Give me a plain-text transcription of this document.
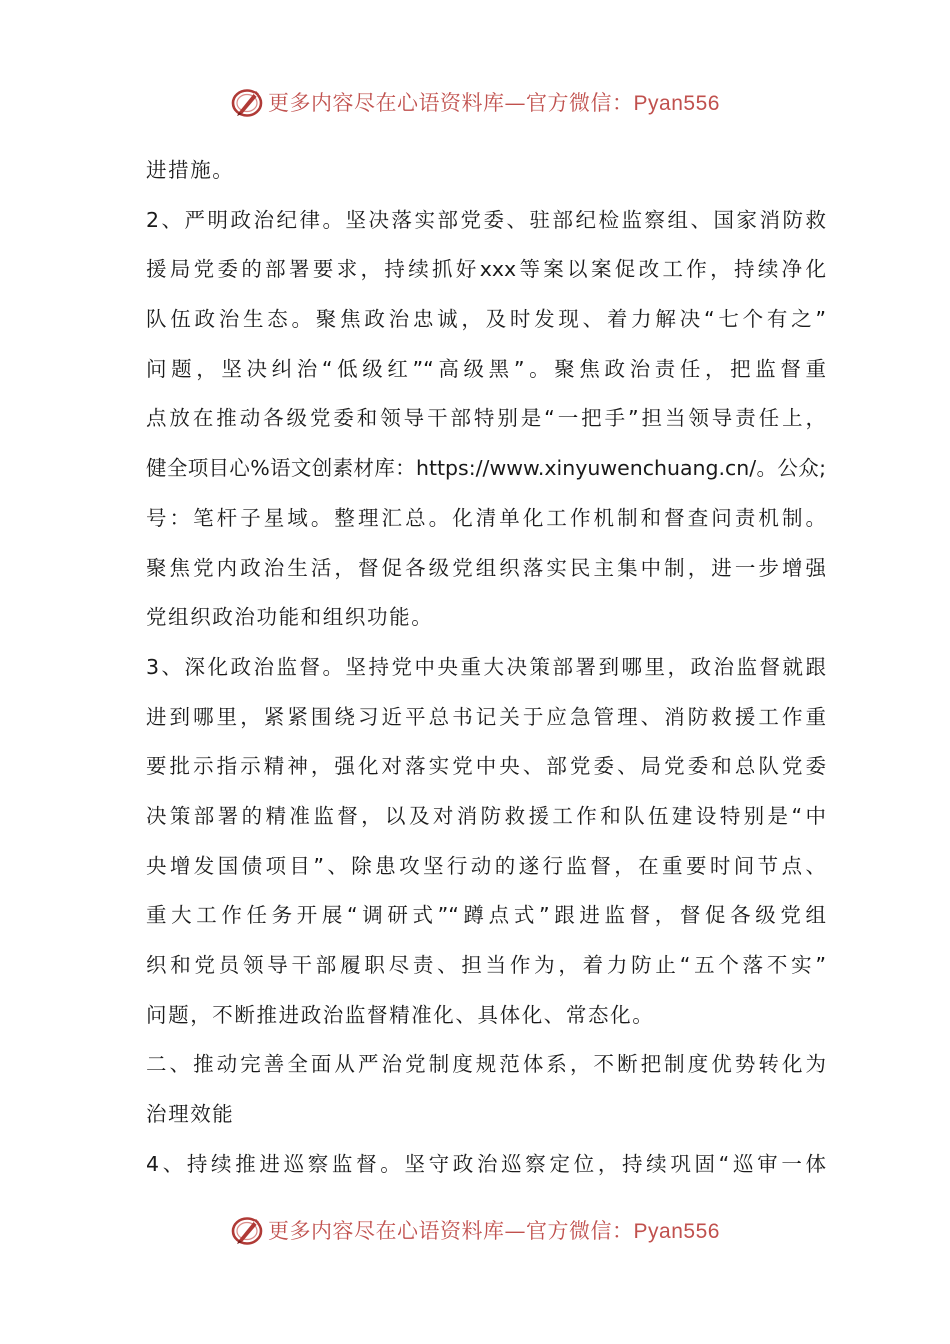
更多内容尽在心语资料库—官方微信：Pyan556
进措施。
2、严明政治纪律。坚决落实部党委、驻部纪检监察组、国家消防救
援局党委的部署要求，持续抓好xxx等案以案促改工作，持续净化
队伍政治生态。聚焦政治忠诚，及时发现、着力解决“七个有之”
问题，坚决纠治“低级红”“高级黑”。聚焦政治责任，把监督重
点放在推动各级党委和领导干部特别是“一把手”担当领导责任上，
健全项目心%语文创素材库：https://www.xinyuwenchuang.cn/。公众;
号：笔杆子星域。整理汇总。化清单化工作机制和督查问责机制。
聚焦党内政治生活，督促各级党组织落实民主集中制，进一步增强
党组织政治功能和组织功能。
3、深化政治监督。坚持党中央重大决策部署到哪里，政治监督就跟
进到哪里，紧紧围绕习近平总书记关于应急管理、消防救援工作重
要批示指示精神，强化对落实党中央、部党委、局党委和总队党委
决策部署的精准监督，以及对消防救援工作和队伍建设特别是“中
央增发国债项目”、除患攻坚行动的遂行监督，在重要时间节点、
重大工作任务开展“调研式”“蹲点式”跟进监督，督促各级党组
织和党员领导干部履职尽责、担当作为，着力防止“五个落不实”
问题，不断推进政治监督精准化、具体化、常态化。
二、推动完善全面从严治党制度规范体系，不断把制度优势转化为
治理效能
4、持续推进巡察监督。坚守政治巡察定位，持续巩固“巡审一体
更多内容尽在心语资料库—官方微信：Pyan556
